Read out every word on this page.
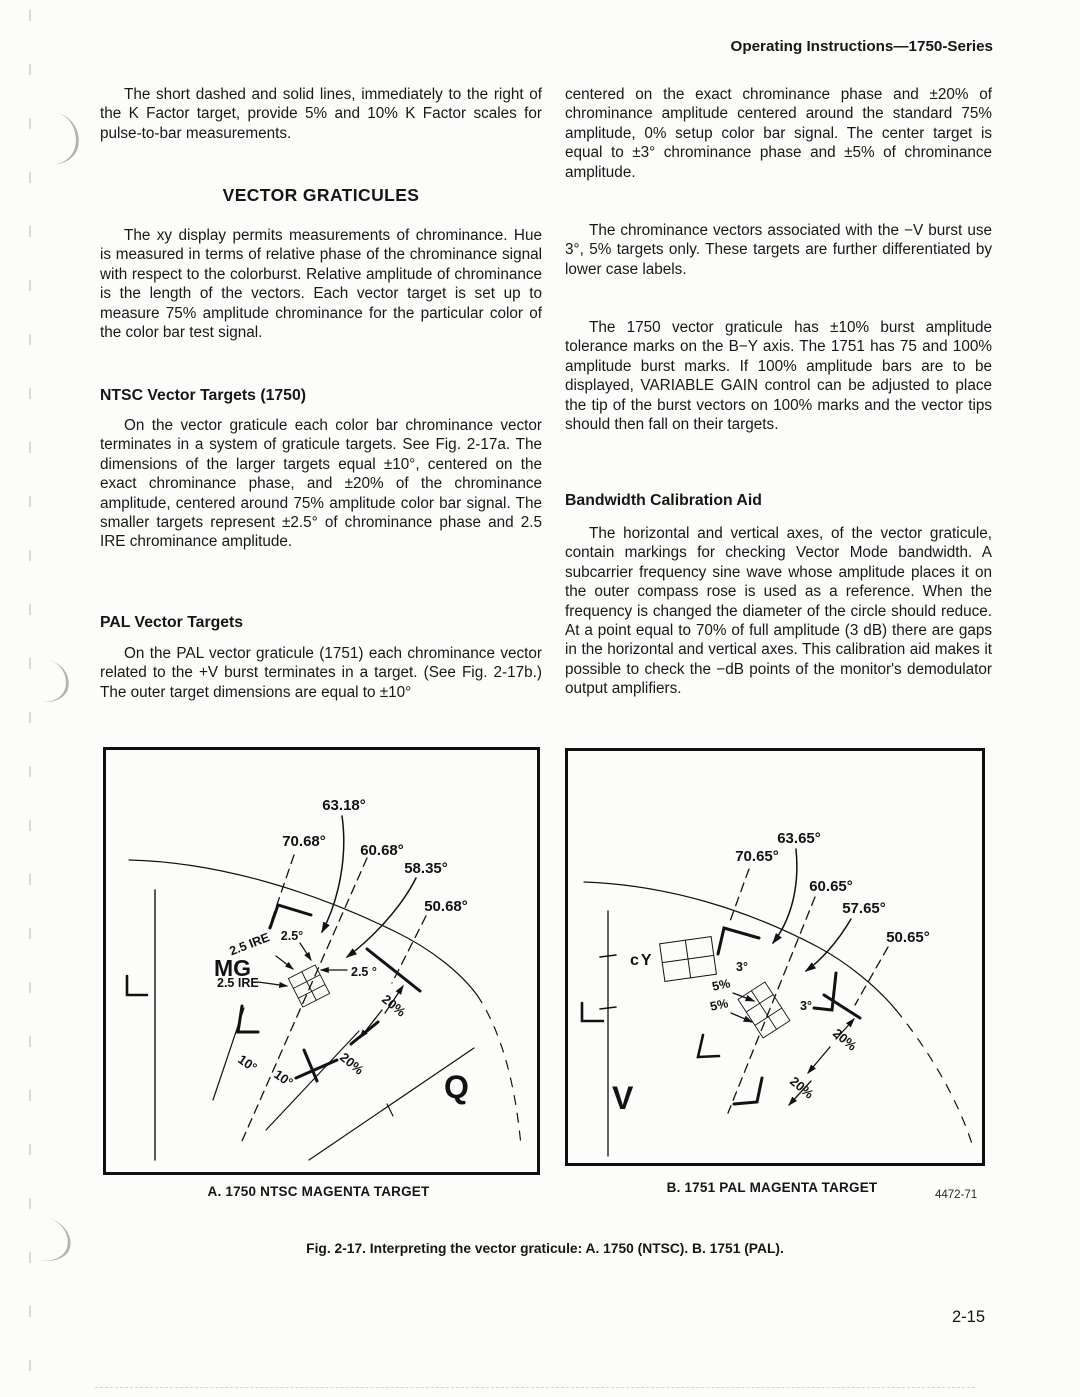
Operating Instructions—1750-Series
The short dashed and solid lines, immediately to the right of the K Factor target, provide 5% and 10% K Factor scales for pulse-to-bar measurements.
VECTOR GRATICULES
The xy display permits measurements of chrominance. Hue is measured in terms of relative phase of the chrominance signal with respect to the colorburst. Relative amplitude of chrominance is the length of the vectors. Each vector target is set up to measure 75% amplitude chrominance for the particular color of the color bar test signal.
NTSC Vector Targets (1750)
On the vector graticule each color bar chrominance vector terminates in a system of graticule targets. See Fig. 2-17a. The dimensions of the larger targets equal ±10°, centered on the exact chrominance phase, and ±20% of the chrominance amplitude, centered around 75% amplitude color bar signal. The smaller targets represent ±2.5° of chrominance phase and 2.5 IRE chrominance amplitude.
PAL Vector Targets
On the PAL vector graticule (1751) each chrominance vector related to the +V burst terminates in a target. (See Fig. 2-17b.) The outer target dimensions are equal to ±10°
centered on the exact chrominance phase and ±20% of chrominance amplitude centered around the standard 75% amplitude, 0% setup color bar signal. The center target is equal to ±3° chrominance phase and ±5% of chrominance amplitude.
The chrominance vectors associated with the −V burst use 3°, 5% targets only. These targets are further differentiated by lower case labels.
The 1750 vector graticule has ±10% burst amplitude tolerance marks on the B−Y axis. The 1751 has 75 and 100% amplitude burst marks. If 100% amplitude bars are to be displayed, VARIABLE GAIN control can be adjusted to place the tip of the burst vectors on 100% marks and the vector tips should then fall on their targets.
Bandwidth Calibration Aid
The horizontal and vertical axes, of the vector graticule, contain markings for checking Vector Mode bandwidth. A subcarrier frequency sine wave whose amplitude places it on the outer compass rose is used as a reference. When the frequency is changed the diameter of the circle should reduce. At a point equal to 70% of full amplitude (3 dB) there are gaps in the horizontal and vertical axes. This calibration aid makes it possible to check the −dB points of the monitor's demodulator output amplifiers.
63.18°
70.68°
60.68°
58.35°
50.68°
2.5°
2.5 IRE
MG
2.5 IRE
2.5 °
20%
20%
10°
10°	Q
A. 1750 NTSC MAGENTA TARGET
63.65°
70.65°
60.65°
57.65°
50.65°
cY	3°
3°
5%
5%
20%
20%
V
B. 1751 PAL MAGENTA TARGET	4472-71
Fig. 2-17. Interpreting the vector graticule: A. 1750 (NTSC). B. 1751 (PAL).
2-15
